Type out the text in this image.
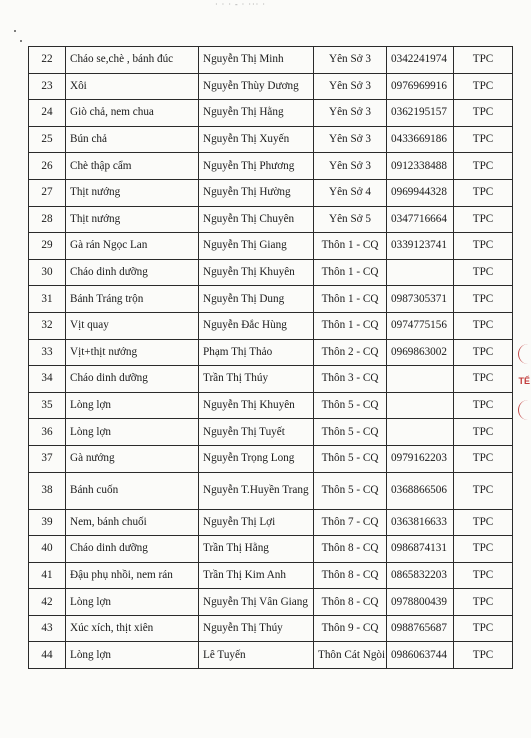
· · · - · ··· ·
22	Cháo se,chè , bánh đúc	Nguyễn Thị Minh	Yên Sở 3	0342241974	TPC
23	Xôi	Nguyễn Thùy Dương	Yên Sở 3	0976969916	TPC
24	Giò chả, nem chua	Nguyễn Thị Hằng	Yên Sở 3	0362195157	TPC
25	Bún chả	Nguyễn Thị Xuyến	Yên Sở 3	0433669186	TPC
26	Chè thập cẩm	Nguyễn Thị Phương	Yên Sở 3	0912338488	TPC
27	Thịt nướng	Nguyễn Thị Hường	Yên Sở 4	0969944328	TPC
28	Thịt nướng	Nguyễn Thị Chuyên	Yên Sở 5	0347716664	TPC
29	Gà rán Ngọc Lan	Nguyễn Thị Giang	Thôn 1 - CQ	0339123741	TPC
30	Cháo dinh dưỡng	Nguyễn Thị Khuyên	Thôn 1 - CQ		TPC
31	Bánh Tráng trộn	Nguyễn Thị Dung	Thôn 1 - CQ	0987305371	TPC
32	Vịt quay	Nguyễn Đắc Hùng	Thôn 1 - CQ	0974775156	TPC
33	Vịt+thịt nướng	Phạm Thị Thảo	Thôn 2 - CQ	0969863002	TPC
34	Cháo dinh dưỡng	Trần Thị Thúy	Thôn 3 - CQ		TPC
35	Lòng lợn	Nguyễn Thị Khuyên	Thôn 5 - CQ		TPC
36	Lòng lợn	Nguyễn Thị Tuyết	Thôn 5 - CQ		TPC
37	Gà nướng	Nguyễn Trọng Long	Thôn 5 - CQ	0979162203	TPC
38	Bánh cuốn	Nguyễn T.Huyền Trang	Thôn 5 - CQ	0368866506	TPC
39	Nem, bánh chuối	Nguyễn Thị Lợi	Thôn 7 - CQ	0363816633	TPC
40	Cháo dinh dưỡng	Trần Thị Hằng	Thôn 8 - CQ	0986874131	TPC
41	Đậu phụ nhồi, nem rán	Trần Thị Kim Anh	Thôn 8 - CQ	0865832203	TPC
42	Lòng lợn	Nguyễn Thị Vân Giang	Thôn 8 - CQ	0978800439	TPC
43	Xúc xích, thịt xiên	Nguyễn Thị Thúy	Thôn 9 - CQ	0988765687	TPC
44	Lòng lợn	Lê Tuyến	Thôn Cát Ngòi	0986063744	TPC
TỂ
